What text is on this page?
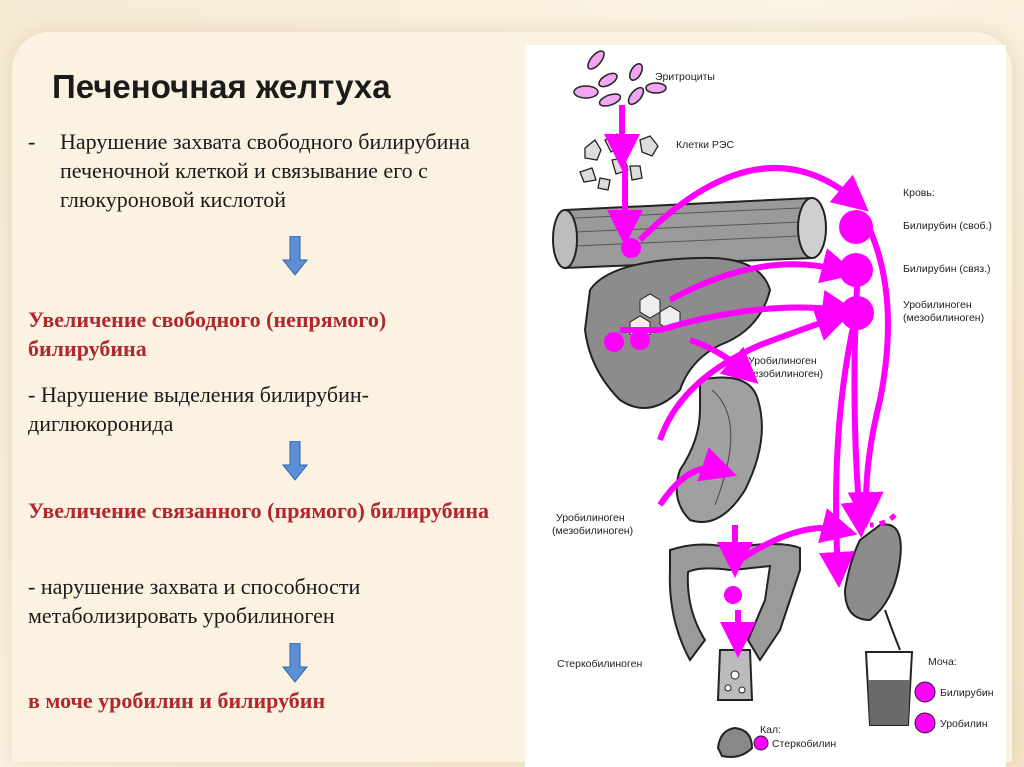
Печеночная желтуха
-	Нарушение захвата свободного билирубина печеночной клеткой и связывание его с глюкуроновой кислотой
Увеличение свободного (непрямого) билирубина
- Нарушение выделения билирубин-диглюкоронида
Увеличение связанного (прямого) билирубина
- нарушение захвата и способности метаболизировать уробилиноген
в моче уробилин и билирубин
Эритроциты
Клетки РЭС
Уробилиноген
(мезобилиноген)
Уробилиноген
(мезобилиноген)
Стеркобилиноген
Кал:
Стеркобилин
Моча:
Билирубин
Уробилин
Кровь:
Билирубин (своб.)
Билирубин (связ.)
Уробилиноген
(мезобилиноген)
